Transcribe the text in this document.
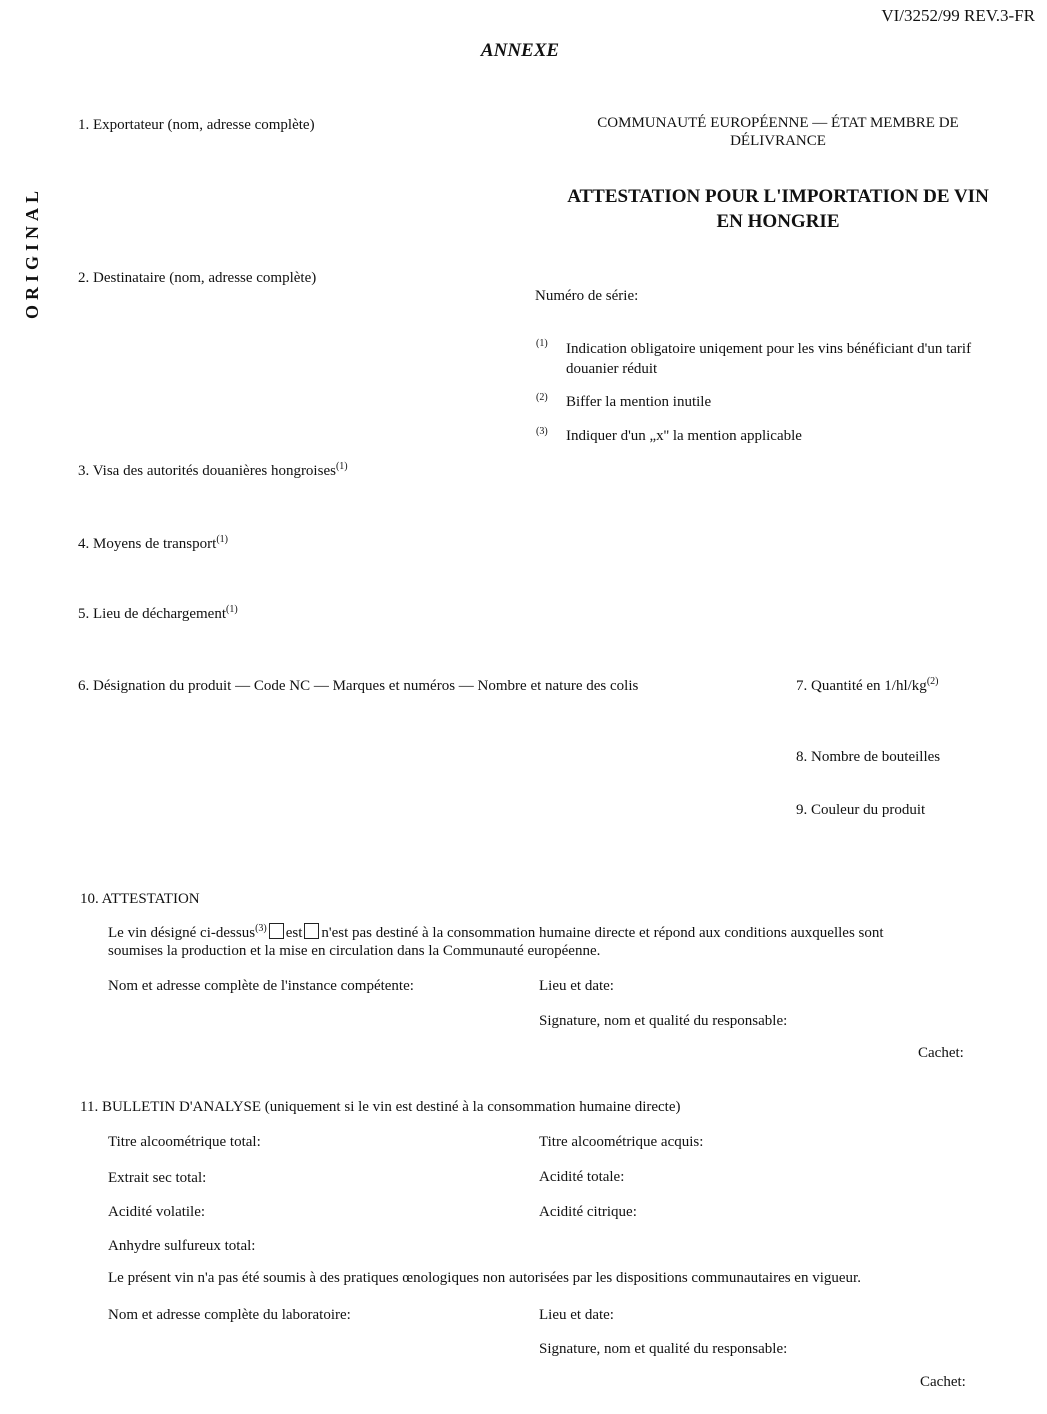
VI/3252/99 REV.3-FR
ANNEXE
ORIGINAL
COMMUNAUTÉ EUROPÉENNE — ÉTAT MEMBRE DE DÉLIVRANCE
ATTESTATION POUR L'IMPORTATION DE VIN EN HONGRIE
Numéro de série:
(1) Indication obligatoire uniqement pour les vins bénéficiant d'un tarif douanier réduit
(2) Biffer la mention inutile
(3) Indiquer d'un „x'' la mention applicable
1. Exportateur (nom, adresse complète)
2. Destinataire (nom, adresse complète)
3. Visa des autorités douanières hongroises$^{(1)}$
4. Moyens de transport$^{(1)}$
5. Lieu de déchargement$^{(1)}$
6. Désignation du produit — Code NC — Marques et numéros — Nombre et nature des colis	7. Quantité en $1/hl/kg^{(2)}$
8. Nombre de bouteilles
9. Couleur du produit
10. ATTESTATION
Le vin désigné ci-dessus$^{(3)}$ est n'est pas destiné à la consommation humaine directe et répond aux conditions auxquelles sont
soumises la production et la mise en circulation dans la Communauté européenne.
Nom et adresse complète de l'instance compétente:	Lieu et date:
Signature, nom et qualité du responsable:
Cachet:
11. BULLETIN D'ANALYSE (uniquement si le vin est destiné à la consommation humaine directe)
Titre alcoométrique total:	Titre alcoométrique acquis:
Extrait sec total:	Acidité totale:
Acidité volatile:	Acidité citrique:
Anhydre sulfureux total:
Le présent vin n'a pas été soumis à des pratiques œnologiques non autorisées par les dispositions communautaires en vigueur.
Nom et adresse complète du laboratoire:	Lieu et date:
Signature, nom et qualité du responsable:
Cachet:
